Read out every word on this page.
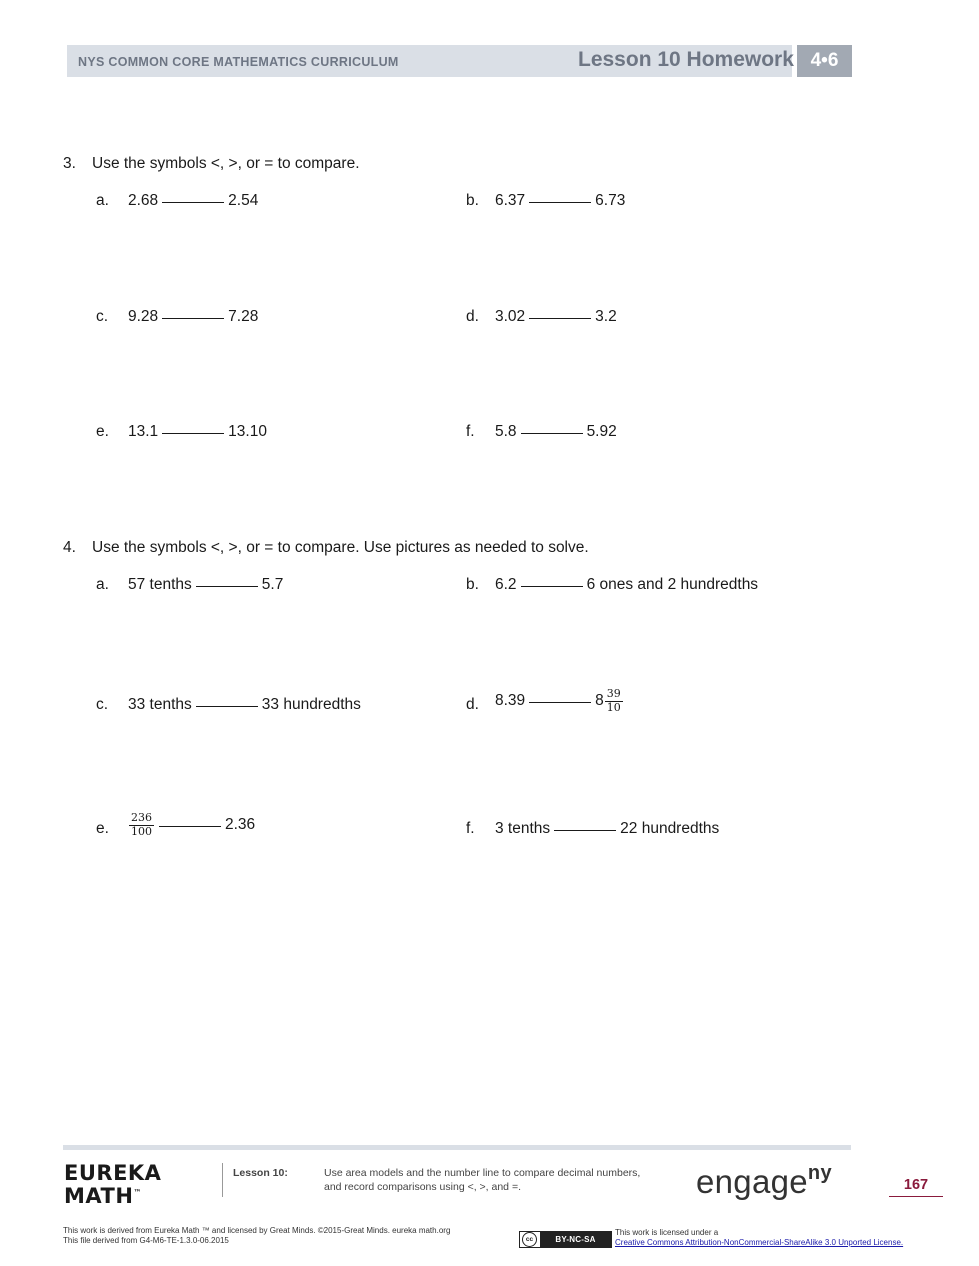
NYS COMMON CORE MATHEMATICS CURRICULUM	Lesson 10 Homework 4•6
3. Use the symbols <, >, or = to compare.
a. 2.68	2.54	b. 6.37	6.73
c. 9.28	7.28	d. 3.02	3.2
e. 13.1	13.10	f. 5.8	5.92
4. Use the symbols <, >, or = to compare. Use pictures as needed to solve.
a. 57 tenths	5.7	b. 6.2	6 ones and 2 hundredths
c. 33 tenths	33 hundredths	d. 8.39	$8 \frac{39}{10}$
e. $\frac{236}{100}$	2.36	f. 3 tenths	22 hundredths
EUREKA
MATH™
Lesson 10:	Use area models and the number line to compare decimal numbers,
and record comparisons using <, >, and =.	engage$^{ny}$
167
This work is derived from Eureka Math ™ and licensed by Great Minds. ©2015-Great Minds. eureka math.org
This file derived from G4-M6-TE-1.3.0-06.2015	cc	BY-NC-SA
This work is licensed under a
Creative Commons Attribution-NonCommercial-ShareAlike 3.0 Unported License.
